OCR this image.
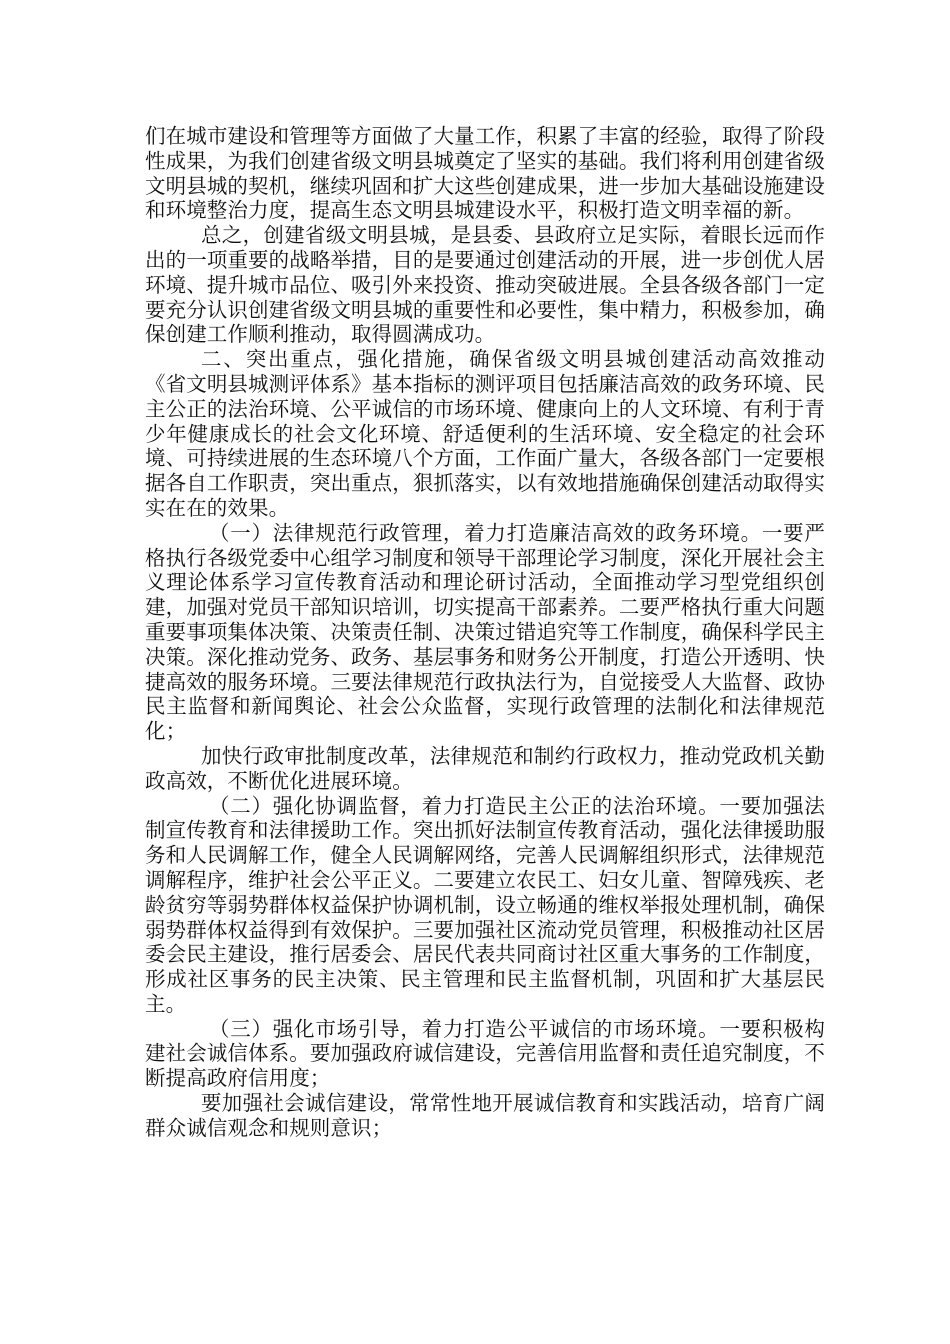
们在城市建设和管理等方面做了大量工作，积累了丰富的经验，取得了阶段性成果，为我们创建省级文明县城奠定了坚实的基础。我们将利用创建省级文明县城的契机，继续巩固和扩大这些创建成果，进一步加大基础设施建设和环境整治力度，提高生态文明县城建设水平，积极打造文明幸福的新。

总之，创建省级文明县城，是县委、县政府立足实际，着眼长远而作出的一项重要的战略举措，目的是要通过创建活动的开展，进一步创优人居环境、提升城市品位、吸引外来投资、推动突破进展。全县各级各部门一定要充分认识创建省级文明县城的重要性和必要性，集中精力，积极参加，确保创建工作顺利推动，取得圆满成功。

二、突出重点，强化措施，确保省级文明县城创建活动高效推动 《省文明县城测评体系》基本指标的测评项目包括廉洁高效的政务环境、民主公正的法治环境、公平诚信的市场环境、健康向上的人文环境、有利于青少年健康成长的社会文化环境、舒适便利的生活环境、安全稳定的社会环境、可持续进展的生态环境八个方面，工作面广量大，各级各部门一定要根据各自工作职责，突出重点，狠抓落实，以有效地措施确保创建活动取得实实在在的效果。

（一）法律规范行政管理，着力打造廉洁高效的政务环境。一要严格执行各级党委中心组学习制度和领导干部理论学习制度，深化开展社会主义理论体系学习宣传教育活动和理论研讨活动，全面推动学习型党组织创建，加强对党员干部知识培训，切实提高干部素养。二要严格执行重大问题重要事项集体决策、决策责任制、决策过错追究等工作制度，确保科学民主决策。深化推动党务、政务、基层事务和财务公开制度，打造公开透明、快捷高效的服务环境。三要法律规范行政执法行为，自觉接受人大监督、政协民主监督和新闻舆论、社会公众监督，实现行政管理的法制化和法律规范化；

加快行政审批制度改革，法律规范和制约行政权力，推动党政机关勤政高效，不断优化进展环境。

（二）强化协调监督，着力打造民主公正的法治环境。一要加强法制宣传教育和法律援助工作。突出抓好法制宣传教育活动，强化法律援助服务和人民调解工作，健全人民调解网络，完善人民调解组织形式，法律规范调解程序，维护社会公平正义。二要建立农民工、妇女儿童、智障残疾、老龄贫穷等弱势群体权益保护协调机制，设立畅通的维权举报处理机制，确保弱势群体权益得到有效保护。三要加强社区流动党员管理，积极推动社区居委会民主建设，推行居委会、居民代表共同商讨社区重大事务的工作制度，形成社区事务的民主决策、民主管理和民主监督机制，巩固和扩大基层民主。

（三）强化市场引导，着力打造公平诚信的市场环境。一要积极构建社会诚信体系。要加强政府诚信建设，完善信用监督和责任追究制度，不断提高政府信用度；

要加强社会诚信建设，常常性地开展诚信教育和实践活动，培育广阔群众诚信观念和规则意识；
